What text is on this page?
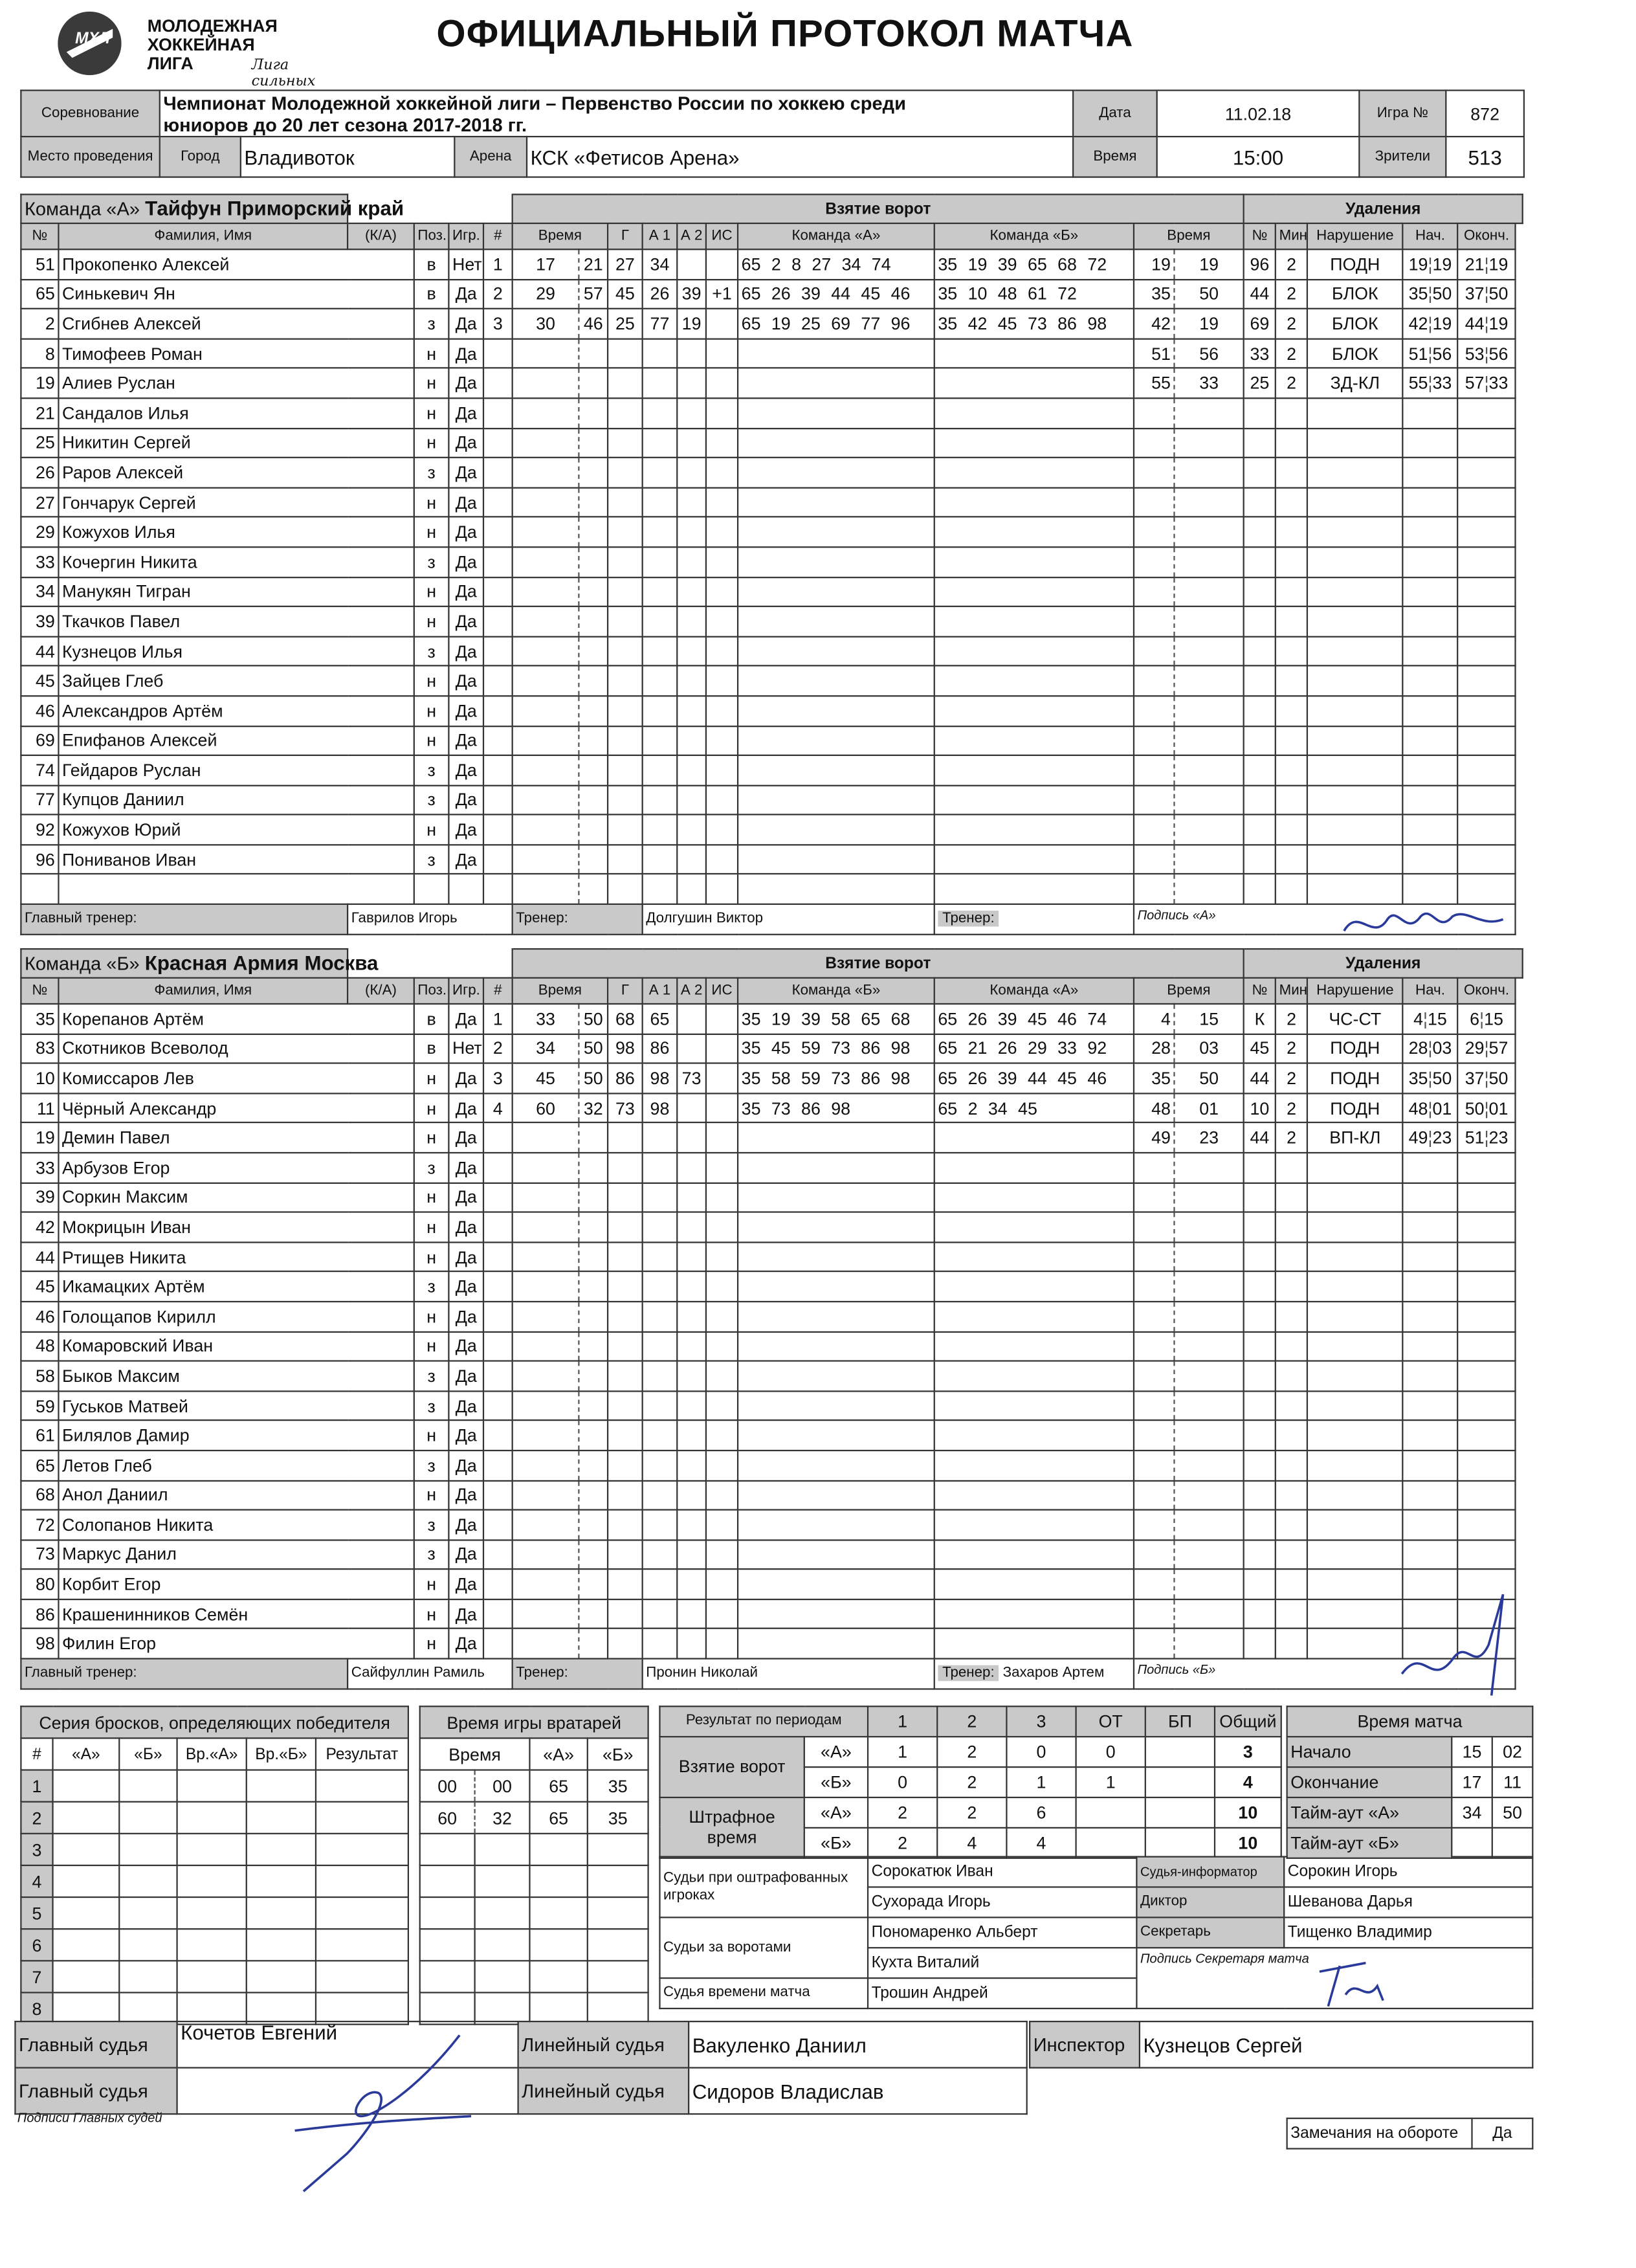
МХЛ
МОЛОДЕЖНАЯ
ХОККЕЙНАЯ ЛИГА	Лига сильных
ОФИЦИАЛЬНЫЙ ПРОТОКОЛ МАТЧА
Соревнование	Чемпионат Молодежной хоккейной лиги – Первенство России по хоккею среди
юниоров до 20 лет сезона 2017-2018 гг.				Дата	11.02.18	Игра №	872
Место проведения	Город	Владивоток	Арена	КСК «Фетисов Арена»	Время	15:00	Зрители	513
Команда «А» Тайфун Приморский край						Взятие ворот										Удаления				
№	Фамилия, Имя	(К/А)	Поз.	Игр.	#	Время		Г	А 1	А 2	ИС	Команда «А»	Команда «Б»	Время		№	Мин	Нарушение	Нач.	Оконч.
51	Прокопенко Алексей		в	Нет	1	17	21	27	34			65 2 8 27 34 74	35 19 39 65 68 72	19	19	96	2	ПОДН	19¦19	21¦19
65	Синькевич Ян		в	Да	2	29	57	45	26	39	+1	65 26 39 44 45 46	35 10 48 61 72	35	50	44	2	БЛОК	35¦50	37¦50
2	Сгибнев Алексей		з	Да	3	30	46	25	77	19		65 19 25 69 77 96	35 42 45 73 86 98	42	19	69	2	БЛОК	42¦19	44¦19
8	Тимофеев Роман		н	Да										51	56	33	2	БЛОК	51¦56	53¦56
19	Алиев Руслан		н	Да										55	33	25	2	ЗД-КЛ	55¦33	57¦33
21	Сандалов Илья		н	Да																
25	Никитин Сергей		н	Да																
26	Раров Алексей		з	Да																
27	Гончарук Сергей		н	Да																
29	Кожухов Илья		н	Да																
33	Кочергин Никита		з	Да																
34	Манукян Тигран		н	Да																
39	Ткачков Павел		н	Да																
44	Кузнецов Илья		з	Да																
45	Зайцев Глеб		н	Да																
46	Александров Артём		н	Да																
69	Епифанов Алексей		н	Да																
74	Гейдаров Руслан		з	Да																
77	Купцов Даниил		з	Да																
92	Кожухов Юрий		н	Да																
96	Пониванов Иван		з	Да																

Главный тренер:		Гаврилов Игорь				Тренер:			Долгушин Виктор				Тренер:	Подпись «А»						
Команда «Б» Красная Армия Москва						Взятие ворот										Удаления				
№	Фамилия, Имя	(К/А)	Поз.	Игр.	#	Время		Г	А 1	А 2	ИС	Команда «Б»	Команда «А»	Время		№	Мин	Нарушение	Нач.	Оконч.
35	Корепанов Артём		в	Да	1	33	50	68	65			35 19 39 58 65 68	65 26 39 45 46 74	4	15	К	2	ЧС-СТ	4¦15	6¦15
83	Скотников Всеволод		в	Нет	2	34	50	98	86			35 45 59 73 86 98	65 21 26 29 33 92	28	03	45	2	ПОДН	28¦03	29¦57
10	Комиссаров Лев		н	Да	3	45	50	86	98	73		35 58 59 73 86 98	65 26 39 44 45 46	35	50	44	2	ПОДН	35¦50	37¦50
11	Чёрный Александр		н	Да	4	60	32	73	98			35 73 86 98	65 2 34 45	48	01	10	2	ПОДН	48¦01	50¦01
19	Демин Павел		н	Да										49	23	44	2	ВП-КЛ	49¦23	51¦23
33	Арбузов Егор		з	Да																
39	Соркин Максим		н	Да																
42	Мокрицын Иван		н	Да																
44	Ртищев Никита		н	Да																
45	Икамацких Артём		з	Да																
46	Голощапов Кирилл		н	Да																
48	Комаровский Иван		н	Да																
58	Быков Максим		з	Да																
59	Гуськов Матвей		з	Да																
61	Билялов Дамир		н	Да																
65	Летов Глеб		з	Да																
68	Анол Даниил		н	Да																
72	Солопанов Никита		з	Да																
73	Маркус Данил		з	Да																
80	Корбит Егор		н	Да																
86	Крашенинников Семён		н	Да																
98	Филин Егор		н	Да																
Главный тренер:		Сайфуллин Рамиль				Тренер:			Пронин Николай				Тренер: Захаров Артем	Подпись «Б»						
Серия бросков, определяющих победителя					
#	«А»	«Б»	Вр.«А»	Вр.«Б»	Результат
1					
2					
3					
4					
5					
6					
7					
8					
Время игры вратарей			
Время		«А»	«Б»
00	00	65	35
60	32	65	35

Результат по периодам		1	2	3	ОТ	БП	Общий
Взятие ворот	«А»	1	2	0	0		3
	«Б»	0	2	1	1		4
Штрафное время	«А»	2	2	6			10
	«Б»	2	4	4			10
Судьи при оштрафованных игроках	Сорокатюк Иван	Судья-информатор	Сорокин Игорь
	Сухорада Игорь	Диктор	Шеванова Дарья
Судьи за воротами	Пономаренко Альберт	Секретарь	Тищенко Владимир
	Кухта Виталий	Подпись Секретаря матча	
Судья времени матча	Трошин Андрей		
Время матча		
Начало	15	02
Окончание	17	11
Тайм-аут «А»	34	50
Тайм-аут «Б»		
Главный судья	Кочетов Евгений	Линейный судья	Вакуленко Даниил
Главный судья		Линейный судья	Сидоров Владислав
Подписи Главных судей
Инспектор	Кузнецов Сергей
Замечания на обороте	Да
